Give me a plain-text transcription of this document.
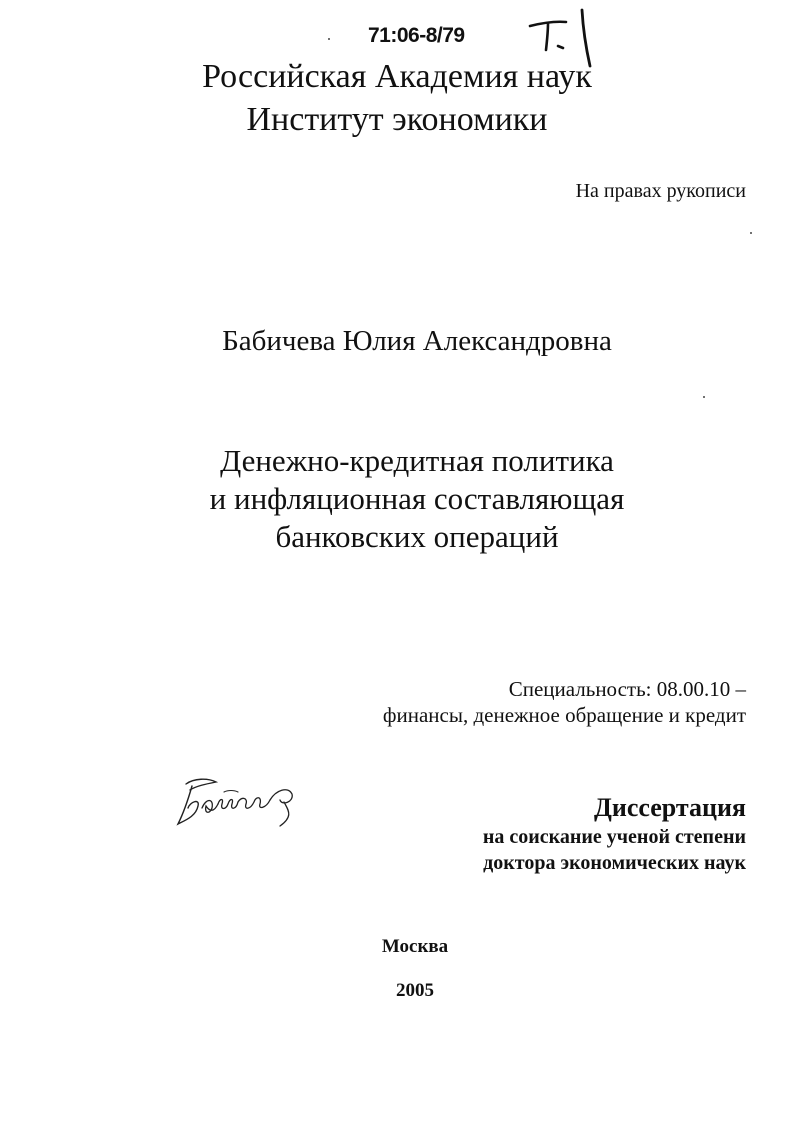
71:06-8/79
Российская Академия наук
Институт экономики
На правах рукописи
Бабичева Юлия Александровна
Денежно-кредитная политика
и инфляционная составляющая
банковских операций
Специальность: 08.00.10 –
финансы, денежное обращение и кредит
Диссертация
на соискание ученой степени
доктора экономических наук
Москва
2005
